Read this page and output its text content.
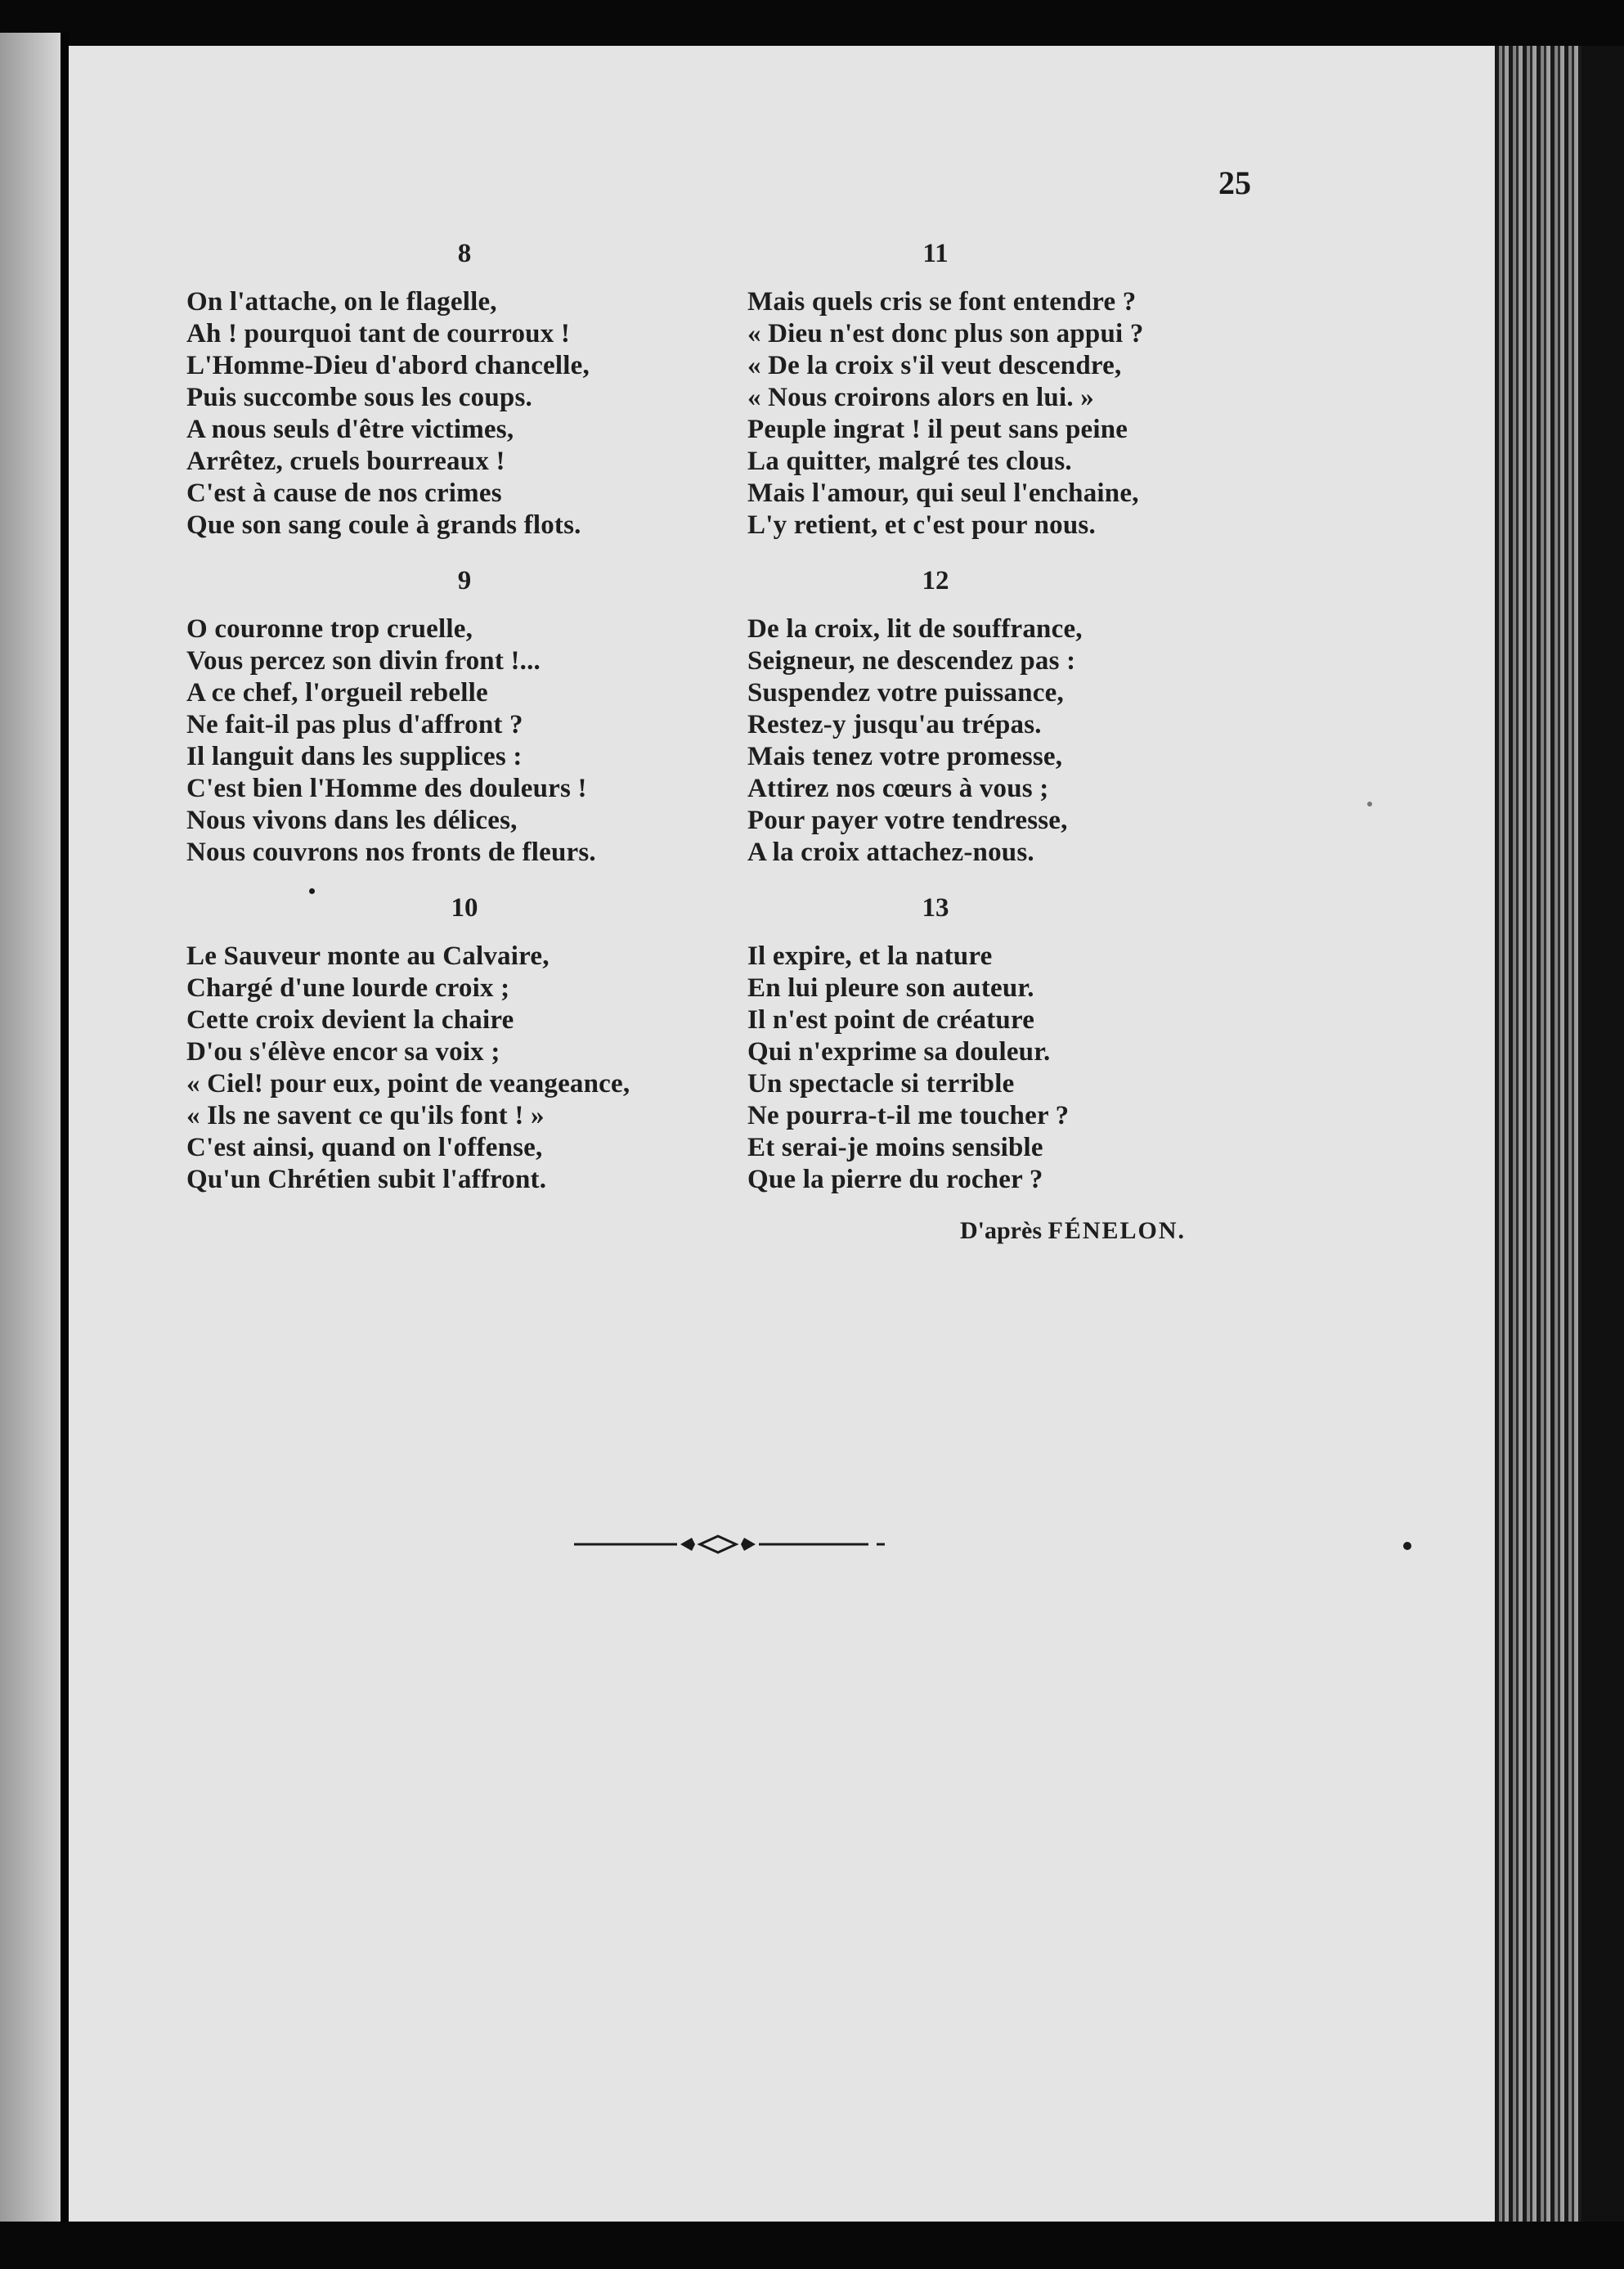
25
8
On l'attache, on le flagelle,
Ah ! pourquoi tant de courroux !
L'Homme-Dieu d'abord chancelle,
Puis succombe sous les coups.
A nous seuls d'être victimes,
Arrêtez, cruels bourreaux !
C'est à cause de nos crimes
Que son sang coule à grands flots.
9
O couronne trop cruelle,
Vous percez son divin front !...
A ce chef, l'orgueil rebelle
Ne fait-il pas plus d'affront ?
Il languit dans les supplices :
C'est bien l'Homme des douleurs !
Nous vivons dans les délices,
Nous couvrons nos fronts de fleurs.
10
Le Sauveur monte au Calvaire,
Chargé d'une lourde croix ;
Cette croix devient la chaire
D'ou s'élève encor sa voix ;
« Ciel! pour eux, point de veangeance,
« Ils ne savent ce qu'ils font ! »
C'est ainsi, quand on l'offense,
Qu'un Chrétien subit l'affront.
11
Mais quels cris se font entendre ?
« Dieu n'est donc plus son appui ?
« De la croix s'il veut descendre,
« Nous croirons alors en lui. »
Peuple ingrat ! il peut sans peine
La quitter, malgré tes clous.
Mais l'amour, qui seul l'enchaine,
L'y retient, et c'est pour nous.
12
De la croix, lit de souffrance,
Seigneur, ne descendez pas :
Suspendez votre puissance,
Restez-y jusqu'au trépas.
Mais tenez votre promesse,
Attirez nos cœurs à vous ;
Pour payer votre tendresse,
A la croix attachez-nous.
13
Il expire, et la nature
En lui pleure son auteur.
Il n'est point de créature
Qui n'exprime sa douleur.
Un spectacle si terrible
Ne pourra-t-il me toucher ?
Et serai-je moins sensible
Que la pierre du rocher ?
D'après FÉNELON.
